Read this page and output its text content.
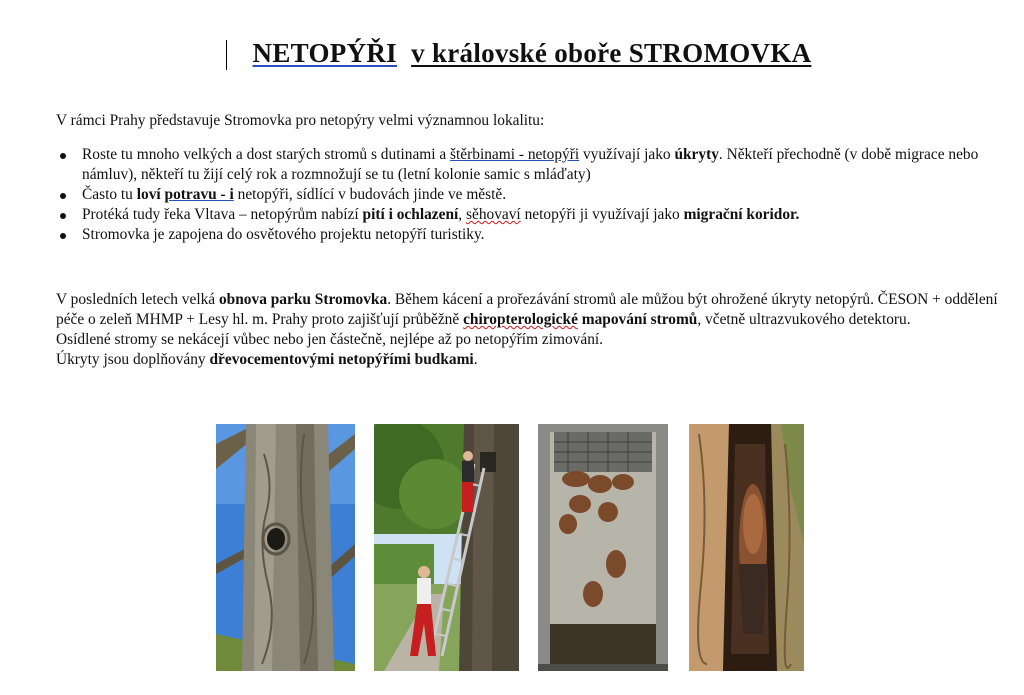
NETOPÝŘI v královské oboře STROMOVKA

V rámci Prahy představuje Stromovka pro netopýry velmi významnou lokalitu:

Roste tu mnoho velkých a dost starých stromů s dutinami a štěrbinami - netopýři využívají jako úkryty. Někteří přechodně (v době migrace nebo námluv), někteří tu žijí celý rok a rozmnožují se tu (letní kolonie samic s mláďaty)
Často tu loví potravu - i netopýři, sídlící v budovách jinde ve městě.
Protéká tudy řeka Vltava – netopýrům nabízí pití i ochlazení, sěhovaví netopýři ji využívají jako migrační koridor.
Stromovka je zapojena do osvětového projektu netopýří turistiky.

V posledních letech velká obnova parku Stromovka. Během kácení a prořezávání stromů ale můžou být ohrožené úkryty netopýrů. ČESON + oddělení péče o zeleň MHMP + Lesy hl. m. Prahy proto zajišťují průběžně chiropterologické mapování stromů, včetně ultrazvukového detektoru.

Osídlené stromy se nekácejí vůbec nebo jen částečně, nejlépe až po netopýřím zimování.

Úkryty jsou doplňovány dřevocementovými netopýřími budkami.
